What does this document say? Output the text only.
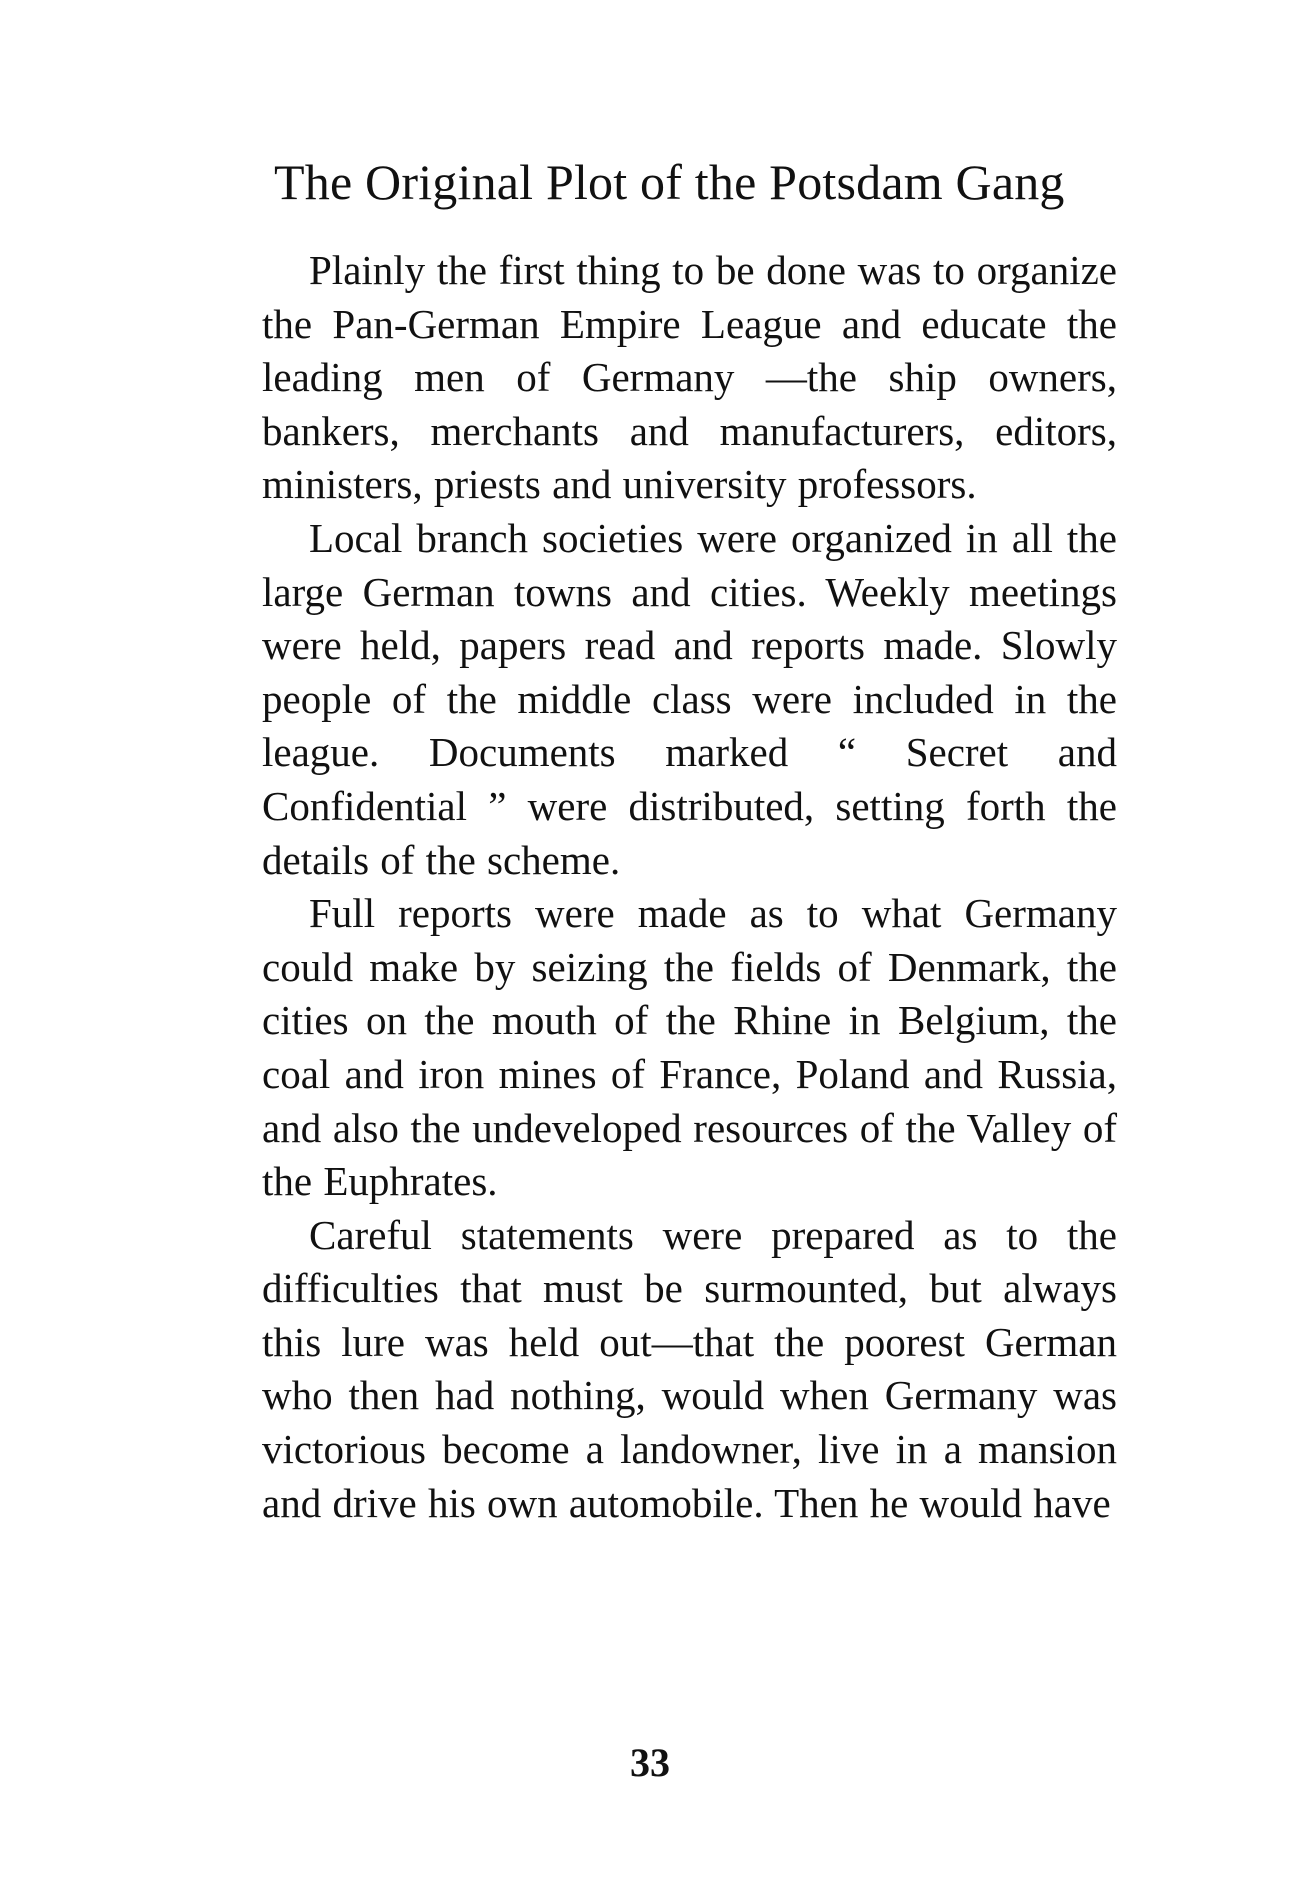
The Original Plot of the Potsdam Gang

Plainly the first thing to be done was to organize the Pan-German Empire League and educate the leading men of Germany —the ship owners, bankers, merchants and manufacturers, editors, ministers, priests and university professors.

Local branch societies were organized in all the large German towns and cities. Weekly meetings were held, papers read and reports made. Slowly people of the middle class were included in the league. Documents marked “ Secret and Confidential ” were distributed, setting forth the details of the scheme.

Full reports were made as to what Germany could make by seizing the fields of Denmark, the cities on the mouth of the Rhine in Belgium, the coal and iron mines of France, Poland and Russia, and also the undeveloped resources of the Valley of the Euphrates.

Careful statements were prepared as to the difficulties that must be surmounted, but always this lure was held out—that the poorest German who then had nothing, would when Germany was victorious become a landowner, live in a mansion and drive his own automobile. Then he would have

33
